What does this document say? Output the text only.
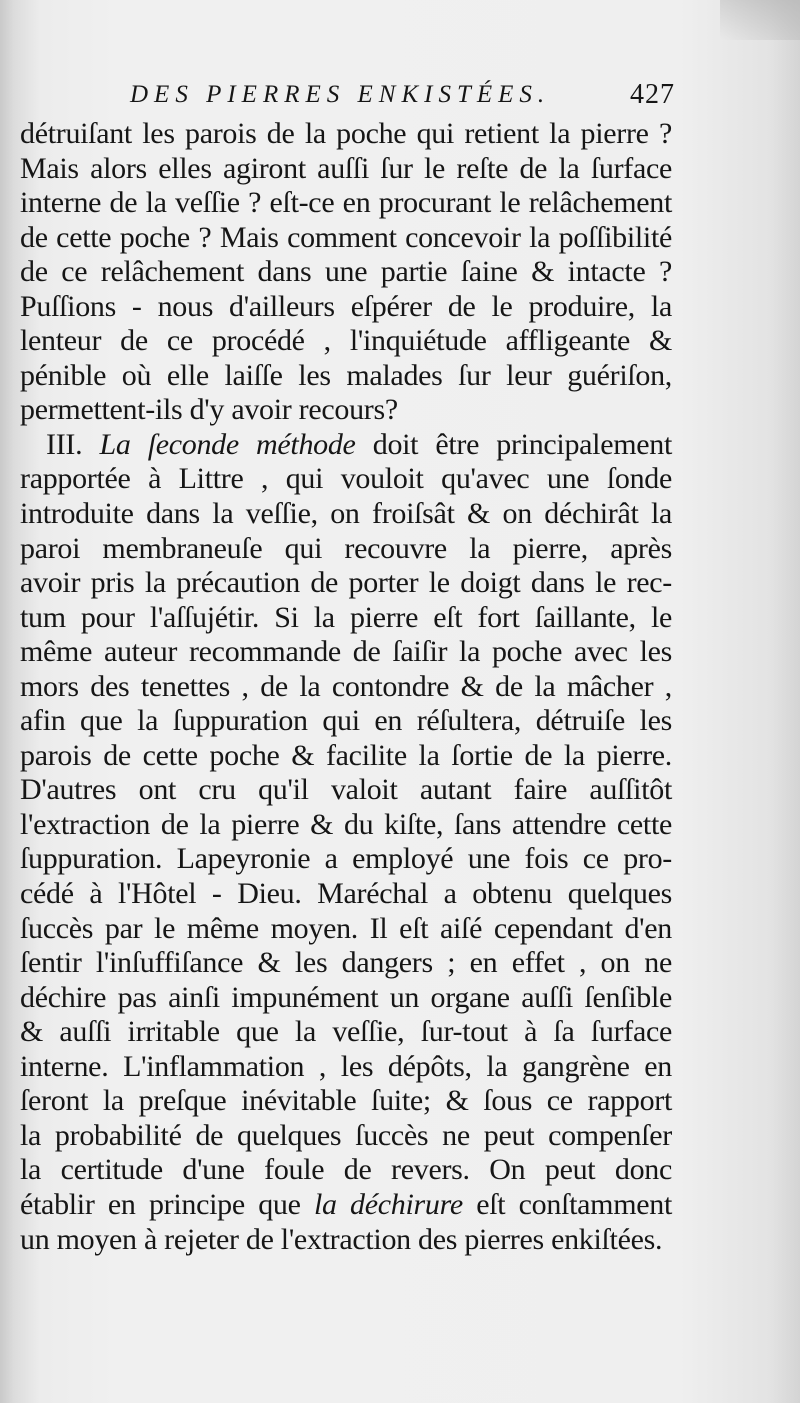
DES PIERRES ENKISTÉES.	427
détruiſant les parois de la poche qui retient la pierre ?
Mais alors elles agiront auſſi ſur le reſte de la ſurface
interne de la veſſie ? eſt-ce en procurant le relâchement
de cette poche ? Mais comment concevoir la poſſibilité
de ce relâchement dans une partie ſaine & intacte ?
Puſſions - nous d'ailleurs eſpérer de le produire, la
lenteur de ce procédé , l'inquiétude affligeante &
pénible où elle laiſſe les malades ſur leur guériſon,
permettent-ils d'y avoir recours?
III. La ſeconde méthode doit être principalement
rapportée à Littre , qui vouloit qu'avec une ſonde
introduite dans la veſſie, on froiſsât & on déchirât la
paroi membraneuſe qui recouvre la pierre, après
avoir pris la précaution de porter le doigt dans le rec-
tum pour l'aſſujétir. Si la pierre eſt fort ſaillante, le
même auteur recommande de ſaiſir la poche avec les
mors des tenettes , de la contondre & de la mâcher ,
afin que la ſuppuration qui en réſultera, détruiſe les
parois de cette poche & facilite la ſortie de la pierre.
D'autres ont cru qu'il valoit autant faire auſſitôt
l'extraction de la pierre & du kiſte, ſans attendre cette
ſuppuration. Lapeyronie a employé une fois ce pro-
cédé à l'Hôtel - Dieu. Maréchal a obtenu quelques
ſuccès par le même moyen. Il eſt aiſé cependant d'en
ſentir l'inſuffiſance & les dangers ; en effet , on ne
déchire pas ainſi impunément un organe auſſi ſenſible
& auſſi irritable que la veſſie, ſur-tout à ſa ſurface
interne. L'inflammation , les dépôts, la gangrène en
ſeront la preſque inévitable ſuite; & ſous ce rapport
la probabilité de quelques ſuccès ne peut compenſer
la certitude d'une foule de revers. On peut donc
établir en principe que la déchirure eſt conſtamment
un moyen à rejeter de l'extraction des pierres enkiſtées.
